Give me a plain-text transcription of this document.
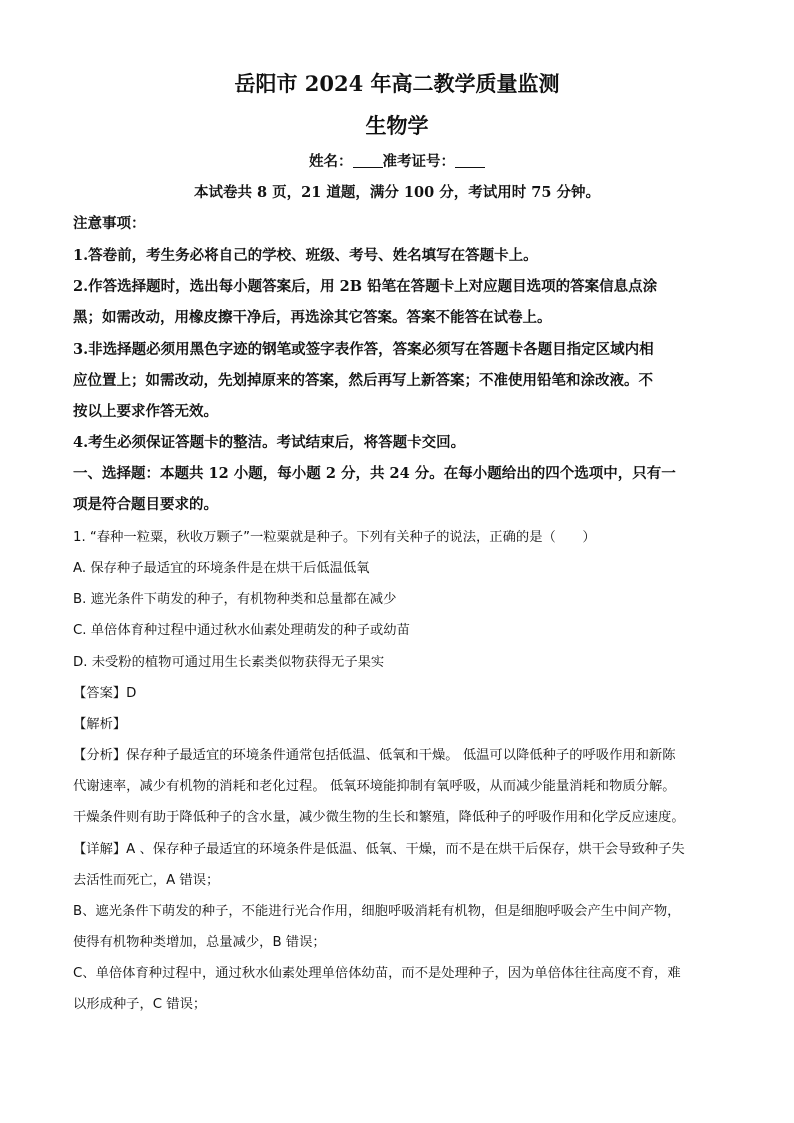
岳阳市 2024 年高二教学质量监测
生物学
姓名： 准考证号：
本试卷共 8 页，21 道题，满分 100 分，考试用时 75 分钟。
注意事项：
1.答卷前，考生务必将自己的学校、班级、考号、姓名填写在答题卡上。
2.作答选择题时，选出每小题答案后，用 2B 铅笔在答题卡上对应题目选项的答案信息点涂
黑；如需改动，用橡皮擦干净后，再选涂其它答案。答案不能答在试卷上。
3.非选择题必须用黑色字迹的钢笔或签字表作答，答案必须写在答题卡各题目指定区域内相
应位置上；如需改动，先划掉原来的答案，然后再写上新答案；不准使用铅笔和涂改液。不
按以上要求作答无效。
4.考生必须保证答题卡的整洁。考试结束后，将答题卡交回。
一、选择题：本题共 12 小题，每小题 2 分，共 24 分。在每小题给出的四个选项中，只有一
项是符合题目要求的。
1. “春种一粒粟，秋收万颗子”一粒粟就是种子。下列有关种子的说法，正确的是（　　）
A. 保存种子最适宜的环境条件是在烘干后低温低氧
B. 遮光条件下萌发的种子，有机物种类和总量都在减少
C. 单倍体育种过程中通过秋水仙素处理萌发的种子或幼苗
D. 未受粉的植物可通过用生长素类似物获得无子果实
【答案】D
【解析】
【分析】保存种子最适宜的环境条件通常包括低温、低氧和干燥。 低温可以降低种子的呼吸作用和新陈
代谢速率，减少有机物的消耗和老化过程。 低氧环境能抑制有氧呼吸，从而减少能量消耗和物质分解。
干燥条件则有助于降低种子的含水量，减少微生物的生长和繁殖，降低种子的呼吸作用和化学反应速度。
【详解】A 、保存种子最适宜的环境条件是低温、低氧、干燥，而不是在烘干后保存，烘干会导致种子失
去活性而死亡，A 错误；
B、遮光条件下萌发的种子，不能进行光合作用，细胞呼吸消耗有机物，但是细胞呼吸会产生中间产物，
使得有机物种类增加，总量减少，B 错误；
C、单倍体育种过程中，通过秋水仙素处理单倍体幼苗，而不是处理种子，因为单倍体往往高度不育，难
以形成种子，C 错误；
